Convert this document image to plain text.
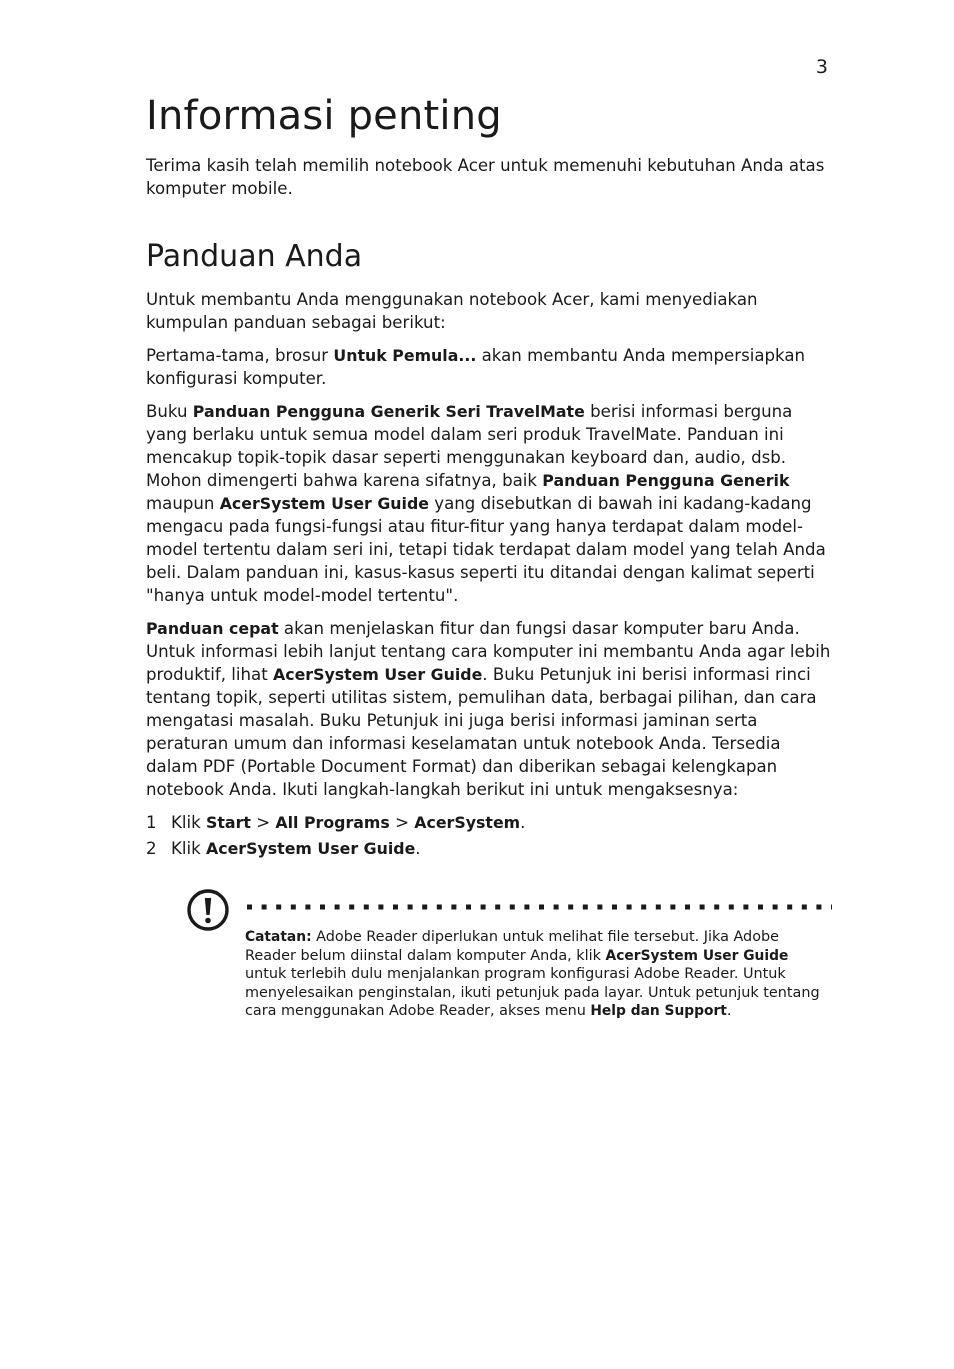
3
Informasi penting

Terima kasih telah memilih notebook Acer untuk memenuhi kebutuhan Anda atas komputer mobile.

Panduan Anda

Untuk membantu Anda menggunakan notebook Acer, kami menyediakan kumpulan panduan sebagai berikut:

Pertama-tama, brosur Untuk Pemula... akan membantu Anda mempersiapkan konfigurasi komputer.

Buku Panduan Pengguna Generik Seri TravelMate berisi informasi berguna yang berlaku untuk semua model dalam seri produk TravelMate. Panduan ini mencakup topik-topik dasar seperti menggunakan keyboard dan, audio, dsb. Mohon dimengerti bahwa karena sifatnya, baik Panduan Pengguna Generik maupun AcerSystem User Guide yang disebutkan di bawah ini kadang-kadang mengacu pada fungsi-fungsi atau fitur-fitur yang hanya terdapat dalam model-model tertentu dalam seri ini, tetapi tidak terdapat dalam model yang telah Anda beli. Dalam panduan ini, kasus-kasus seperti itu ditandai dengan kalimat seperti "hanya untuk model-model tertentu".

Panduan cepat akan menjelaskan fitur dan fungsi dasar komputer baru Anda. Untuk informasi lebih lanjut tentang cara komputer ini membantu Anda agar lebih produktif, lihat AcerSystem User Guide. Buku Petunjuk ini berisi informasi rinci tentang topik, seperti utilitas sistem, pemulihan data, berbagai pilihan, dan cara mengatasi masalah. Buku Petunjuk ini juga berisi informasi jaminan serta peraturan umum dan informasi keselamatan untuk notebook Anda. Tersedia dalam PDF (Portable Document Format) dan diberikan sebagai kelengkapan notebook Anda. Ikuti langkah-langkah berikut ini untuk mengaksesnya:

1 Klik Start > All Programs > AcerSystem.
2 Klik AcerSystem User Guide.
Catatan: Adobe Reader diperlukan untuk melihat file tersebut. Jika Adobe Reader belum diinstal dalam komputer Anda, klik AcerSystem User Guide untuk terlebih dulu menjalankan program konfigurasi Adobe Reader. Untuk menyelesaikan penginstalan, ikuti petunjuk pada layar. Untuk petunjuk tentang cara menggunakan Adobe Reader, akses menu Help dan Support.
